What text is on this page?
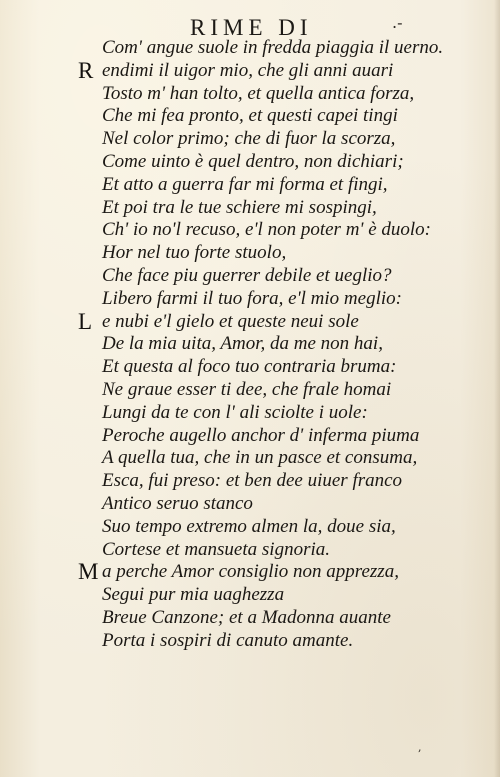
RIME DI	.-
Com' angue suole in fredda piaggia il uerno.
R endimi il uigor mio, che gli anni auari
Tosto m' han tolto, et quella antica forza,
Che mi fea pronto, et questi capei tingi
Nel color primo; che di fuor la scorza,
Come uinto è quel dentro, non dichiari;
Et atto a guerra far mi forma et fingi,
Et poi tra le tue schiere mi sospingi,
Ch' io no'l recuso, e'l non poter m' è duolo:
Hor nel tuo forte stuolo,
Che face piu guerrer debile et ueglio?
Libero farmi il tuo fora, e'l mio meglio:
L e nubi e'l gielo et queste neui sole
De la mia uita, Amor, da me non hai,
Et questa al foco tuo contraria bruma:
Ne graue esser ti dee, che frale homai
Lungi da te con l' ali sciolte i uole:
Peroche augello anchor d' inferma piuma
A quella tua, che in un pasce et consuma,
Esca, fui preso: et ben dee uiuer franco
Antico seruo stanco
Suo tempo extremo almen la, doue sia,
Cortese et mansueta signoria.
M a perche Amor consiglio non apprezza,
Segui pur mia uaghezza
Breue Canzone; et a Madonna auante
Porta i sospiri di canuto amante.
,
